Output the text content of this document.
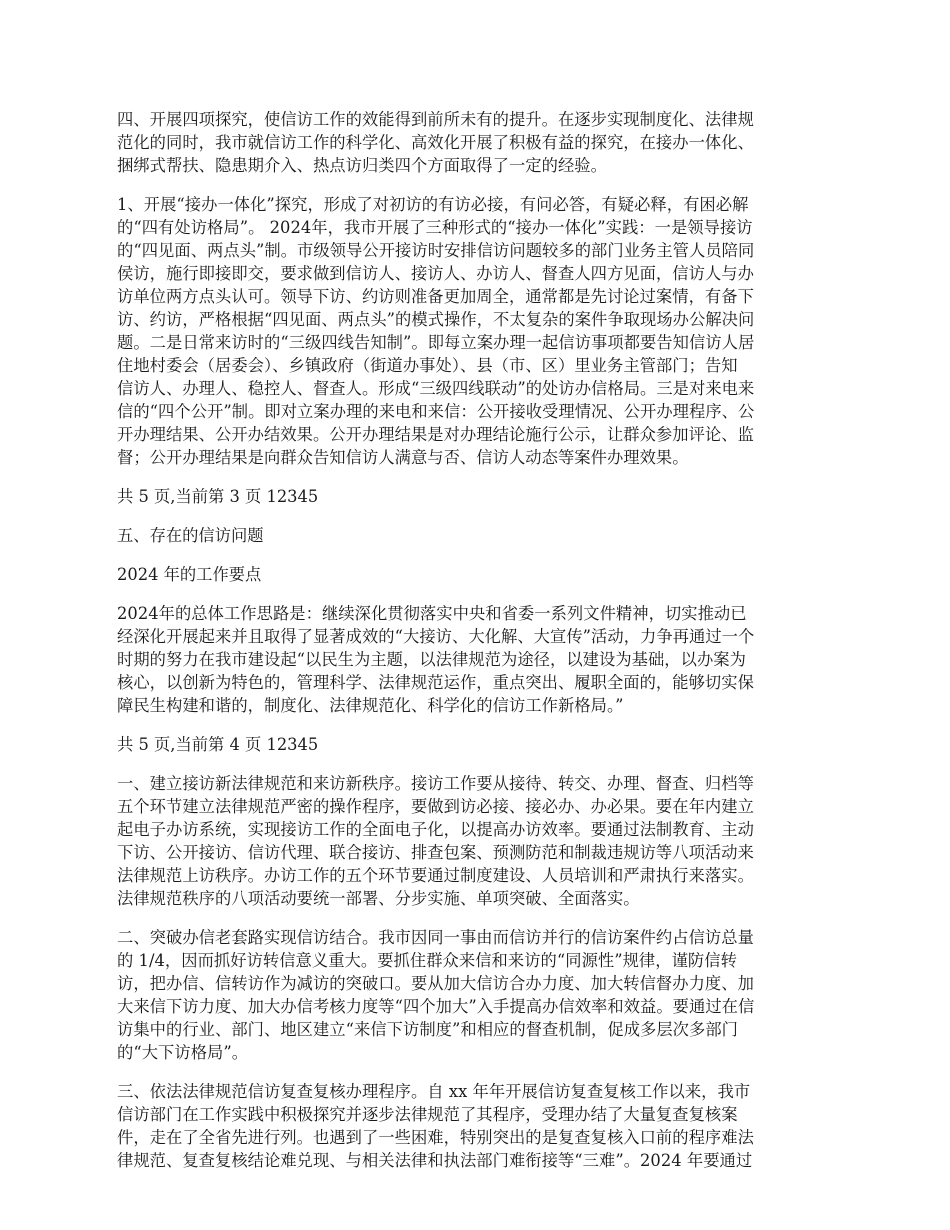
四、开展四项探究，使信访工作的效能得到前所未有的提升。在逐步实现制度化、法律规
范化的同时，我市就信访工作的科学化、高效化开展了积极有益的探究，在接办一体化、
捆绑式帮扶、隐患期介入、热点访归类四个方面取得了一定的经验。

1、开展“接办一体化”探究，形成了对初访的有访必接，有问必答，有疑必释，有困必解
的“四有处访格局”。 2024年，我市开展了三种形式的“接办一体化”实践：一是领导接访
的“四见面、两点头”制。市级领导公开接访时安排信访问题较多的部门业务主管人员陪同
侯访，施行即接即交，要求做到信访人、接访人、办访人、督查人四方见面，信访人与办
访单位两方点头认可。领导下访、约访则准备更加周全，通常都是先讨论过案情，有备下
访、约访，严格根据“四见面、两点头”的模式操作，不太复杂的案件争取现场办公解决问
题。二是日常来访时的“三级四线告知制”。即每立案办理一起信访事项都要告知信访人居
住地村委会（居委会）、乡镇政府（街道办事处）、县（市、区）里业务主管部门；告知
信访人、办理人、稳控人、督查人。形成“三级四线联动”的处访办信格局。三是对来电来
信的“四个公开”制。即对立案办理的来电和来信：公开接收受理情况、公开办理程序、公
开办理结果、公开办结效果。公开办理结果是对办理结论施行公示，让群众参加评论、监
督；公开办理结果是向群众告知信访人满意与否、信访人动态等案件办理效果。

共 5 页,当前第 3 页 12345

五、存在的信访问题

2024 年的工作要点

2024年的总体工作思路是：继续深化贯彻落实中央和省委一系列文件精神，切实推动已
经深化开展起来并且取得了显著成效的“大接访、大化解、大宣传”活动，力争再通过一个
时期的努力在我市建设起“以民生为主题，以法律规范为途径，以建设为基础，以办案为
核心，以创新为特色的，管理科学、法律规范运作，重点突出、履职全面的，能够切实保
障民生构建和谐的，制度化、法律规范化、科学化的信访工作新格局。”

共 5 页,当前第 4 页 12345

一、建立接访新法律规范和来访新秩序。接访工作要从接待、转交、办理、督查、归档等
五个环节建立法律规范严密的操作程序，要做到访必接、接必办、办必果。要在年内建立
起电子办访系统，实现接访工作的全面电子化，以提高办访效率。要通过法制教育、主动
下访、公开接访、信访代理、联合接访、排查包案、预测防范和制裁违规访等八项活动来
法律规范上访秩序。办访工作的五个环节要通过制度建设、人员培训和严肃执行来落实。
法律规范秩序的八项活动要统一部署、分步实施、单项突破、全面落实。

二、突破办信老套路实现信访结合。我市因同一事由而信访并行的信访案件约占信访总量
的 1/4，因而抓好访转信意义重大。要抓住群众来信和来访的“同源性”规律，谨防信转
访，把办信、信转访作为减访的突破口。要从加大信访合办力度、加大转信督办力度、加
大来信下访力度、加大办信考核力度等“四个加大”入手提高办信效率和效益。要通过在信
访集中的行业、部门、地区建立“来信下访制度”和相应的督查机制，促成多层次多部门
的“大下访格局”。

三、依法法律规范信访复查复核办理程序。自 xx 年年开展信访复查复核工作以来，我市
信访部门在工作实践中积极探究并逐步法律规范了其程序，受理办结了大量复查复核案
件，走在了全省先进行列。也遇到了一些困难，特别突出的是复查复核入口前的程序难法
律规范、复查复核结论难兑现、与相关法律和执法部门难衔接等“三难”。2024 年要通过
